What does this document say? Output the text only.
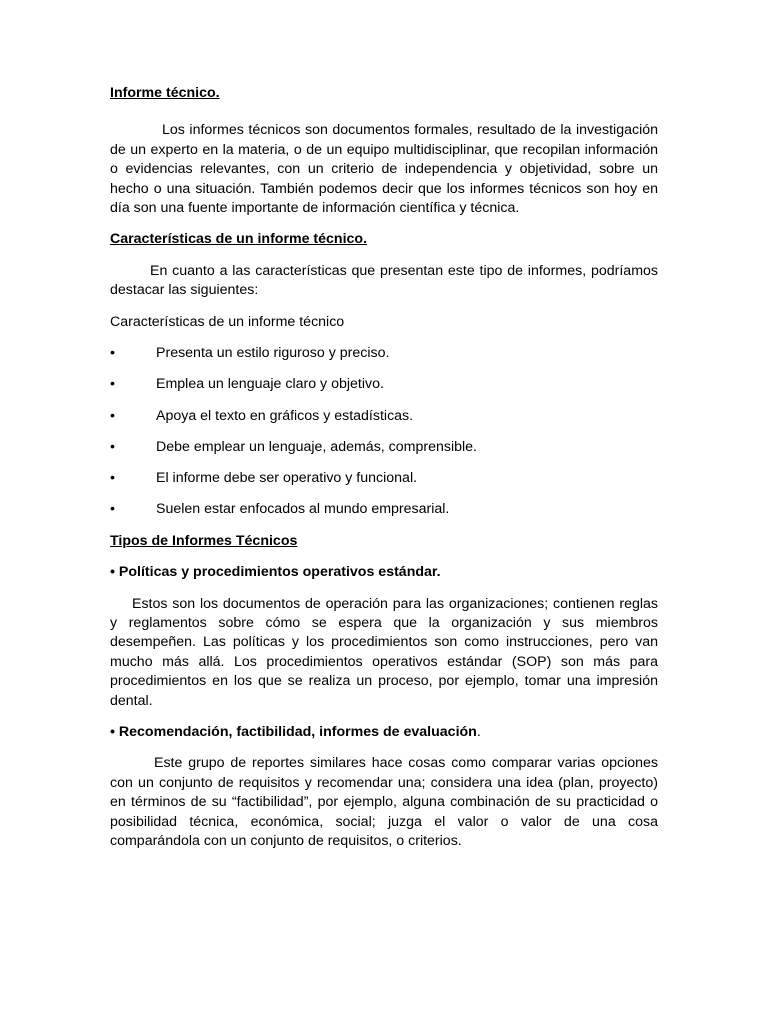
Informe técnico.

Los informes técnicos son documentos formales, resultado de la investigación de un experto en la materia, o de un equipo multidisciplinar, que recopilan información o evidencias relevantes, con un criterio de independencia y objetividad, sobre un hecho o una situación. También podemos decir que los informes técnicos son hoy en día son una fuente importante de información científica y técnica.

Características de un informe técnico.

En cuanto a las características que presentan este tipo de informes, podríamos destacar las siguientes:

Características de un informe técnico

•	Presenta un estilo riguroso y preciso.
•	Emplea un lenguaje claro y objetivo.
•	Apoya el texto en gráficos y estadísticas.
•	Debe emplear un lenguaje, además, comprensible.
•	El informe debe ser operativo y funcional.
•	Suelen estar enfocados al mundo empresarial.

Tipos de Informes Técnicos

• Políticas y procedimientos operativos estándar.

Estos son los documentos de operación para las organizaciones; contienen reglas y reglamentos sobre cómo se espera que la organización y sus miembros desempeñen. Las políticas y los procedimientos son como instrucciones, pero van mucho más allá. Los procedimientos operativos estándar (SOP) son más para procedimientos en los que se realiza un proceso, por ejemplo, tomar una impresión dental.

• Recomendación, factibilidad, informes de evaluación.

Este grupo de reportes similares hace cosas como comparar varias opciones con un conjunto de requisitos y recomendar una; considera una idea (plan, proyecto) en términos de su “factibilidad”, por ejemplo, alguna combinación de su practicidad o posibilidad técnica, económica, social; juzga el valor o valor de una cosa comparándola con un conjunto de requisitos, o criterios.
